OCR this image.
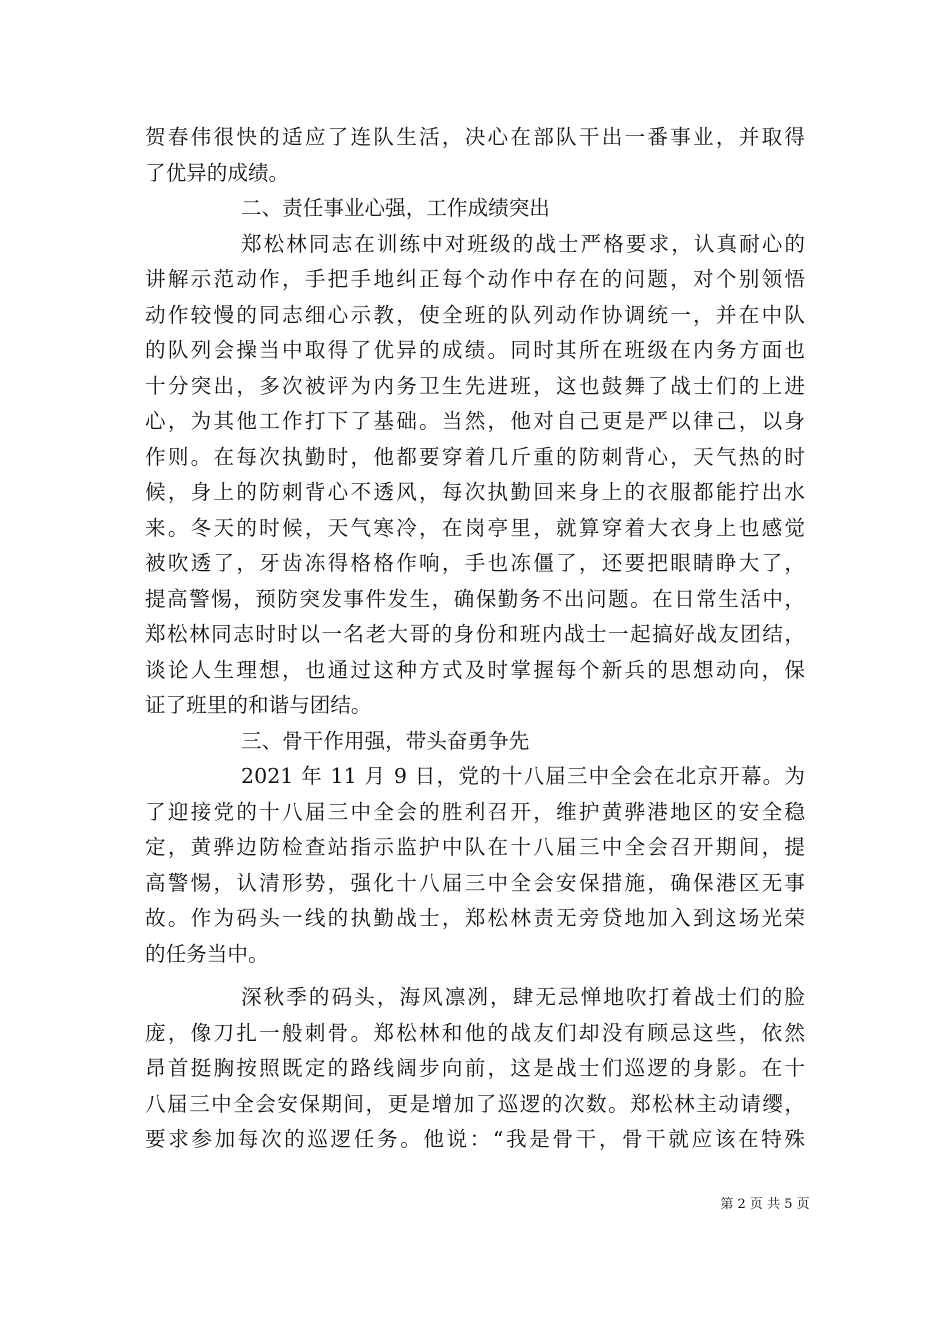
贺春伟很快的适应了连队生活，决心在部队干出一番事业，并取得
了优异的成绩。
二、责任事业心强，工作成绩突出
郑松林同志在训练中对班级的战士严格要求，认真耐心的
讲解示范动作，手把手地纠正每个动作中存在的问题，对个别领悟
动作较慢的同志细心示教，使全班的队列动作协调统一，并在中队
的队列会操当中取得了优异的成绩。同时其所在班级在内务方面也
十分突出，多次被评为内务卫生先进班，这也鼓舞了战士们的上进
心，为其他工作打下了基础。当然，他对自己更是严以律己，以身
作则。在每次执勤时，他都要穿着几斤重的防刺背心，天气热的时
候，身上的防刺背心不透风，每次执勤回来身上的衣服都能拧出水
来。冬天的时候，天气寒冷，在岗亭里，就算穿着大衣身上也感觉
被吹透了，牙齿冻得格格作响，手也冻僵了，还要把眼睛睁大了，
提高警惕，预防突发事件发生，确保勤务不出问题。在日常生活中，
郑松林同志时时以一名老大哥的身份和班内战士一起搞好战友团结，
谈论人生理想，也通过这种方式及时掌握每个新兵的思想动向，保
证了班里的和谐与团结。
三、骨干作用强，带头奋勇争先
2021 年 11 月 9 日，党的十八届三中全会在北京开幕。为
了迎接党的十八届三中全会的胜利召开，维护黄骅港地区的安全稳
定，黄骅边防检查站指示监护中队在十八届三中全会召开期间，提
高警惕，认清形势，强化十八届三中全会安保措施，确保港区无事
故。作为码头一线的执勤战士，郑松林责无旁贷地加入到这场光荣
的任务当中。
深秋季的码头，海风凛冽，肆无忌惮地吹打着战士们的脸
庞，像刀扎一般刺骨。郑松林和他的战友们却没有顾忌这些，依然
昂首挺胸按照既定的路线阔步向前，这是战士们巡逻的身影。在十
八届三中全会安保期间，更是增加了巡逻的次数。郑松林主动请缨，
要求参加每次的巡逻任务。他说：“我是骨干，骨干就应该在特殊
第 2 页 共 5 页
